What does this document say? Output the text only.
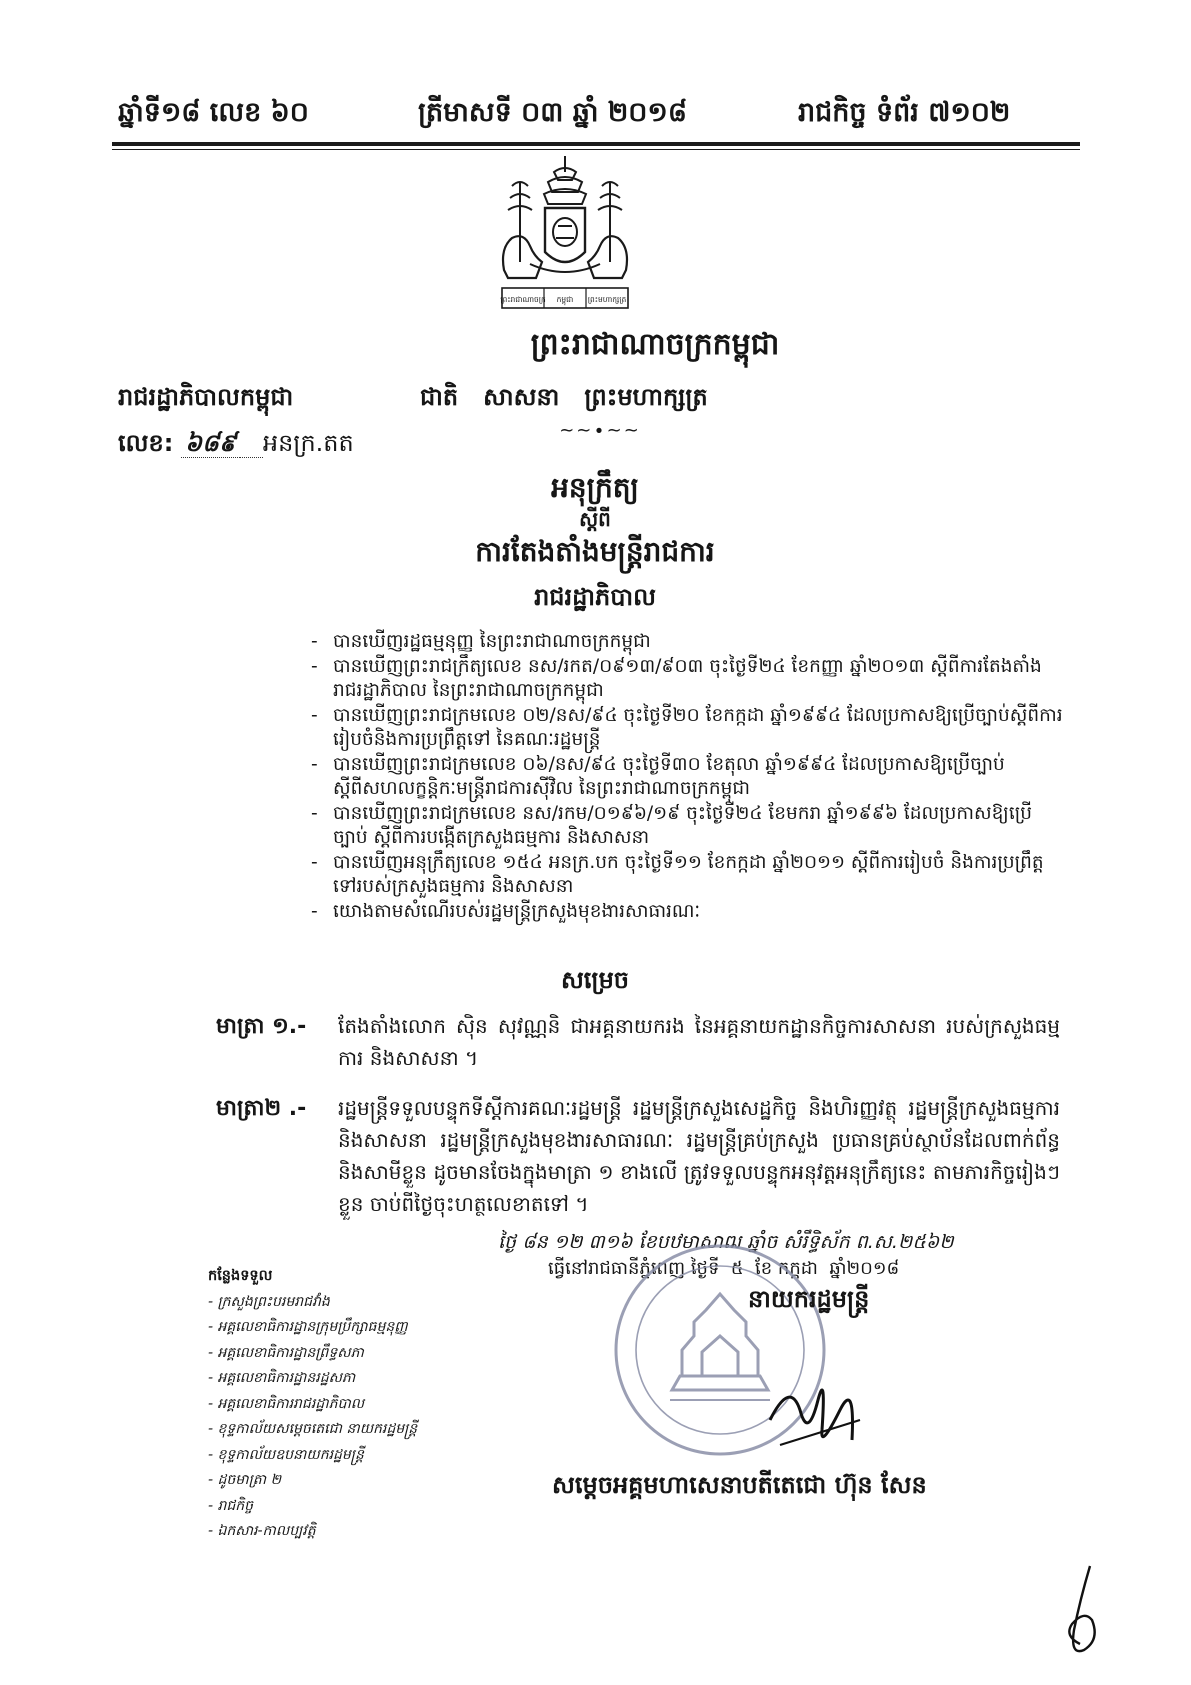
ឆ្នាំទី១៨ លេខ ៦០	ត្រីមាសទី ០៣ ឆ្នាំ ២០១៨	រាជកិច្ច ទំព័រ ៧១០២
ព្រះរាជាណាចក្រ កម្ពុជា ព្រះមហាក្សត្រ
ព្រះរាជាណាចក្រកម្ពុជា
រាជរដ្ឋាភិបាលកម្ពុជា	ជាតិ   សាសនា   ព្រះមហាក្សត្រ
~~∙~~
លេខ: ៦៨៩ អនក្រ.តត
អនុក្រឹត្យ
ស្តីពី
ការតែងតាំងមន្ត្រីរាជការ
រាជរដ្ឋាភិបាល
- បានឃើញរដ្ឋធម្មនុញ្ញ នៃព្រះរាជាណាចក្រកម្ពុជា
- បានឃើញព្រះរាជក្រឹត្យលេខ នស/រកត/០៩១៣/៩០៣ ចុះថ្ងៃទី២៤ ខែកញ្ញា ឆ្នាំ២០១៣ ស្តីពីការតែងតាំងរាជរដ្ឋាភិបាល នៃព្រះរាជាណាចក្រកម្ពុជា
- បានឃើញព្រះរាជក្រមលេខ ០២/នស/៩៤ ចុះថ្ងៃទី២០ ខែកក្កដា ឆ្នាំ១៩៩៤ ដែលប្រកាសឱ្យប្រើច្បាប់ស្តីពីការរៀបចំនិងការប្រព្រឹត្តទៅ នៃគណៈរដ្ឋមន្ត្រី
- បានឃើញព្រះរាជក្រមលេខ ០៦/នស/៩៤ ចុះថ្ងៃទី៣០ ខែតុលា ឆ្នាំ១៩៩៤ ដែលប្រកាសឱ្យប្រើច្បាប់ស្តីពីសហលក្ខន្តិកៈមន្ត្រីរាជការស៊ីវិល នៃព្រះរាជាណាចក្រកម្ពុជា
- បានឃើញព្រះរាជក្រមលេខ នស/រកម/០១៩៦/១៩ ចុះថ្ងៃទី២៤ ខែមករា ឆ្នាំ១៩៩៦ ដែលប្រកាសឱ្យប្រើច្បាប់ ស្តីពីការបង្កើតក្រសួងធម្មការ និងសាសនា
- បានឃើញអនុក្រឹត្យលេខ ១៥៤ អនក្រ.បក ចុះថ្ងៃទី១១ ខែកក្កដា ឆ្នាំ២០១១ ស្តីពីការរៀបចំ និងការប្រព្រឹត្តទៅរបស់ក្រសួងធម្មការ និងសាសនា
- យោងតាមសំណើរបស់រដ្ឋមន្ត្រីក្រសួងមុខងារសាធារណៈ
សម្រេច
មាត្រា ១.- តែងតាំងលោក ស៊ិន សុវណ្ណនិ ជាអគ្គនាយករង នៃអគ្គនាយកដ្ឋានកិច្ចការសាសនា របស់ក្រសួងធម្មការ និងសាសនា ។
មាត្រា២ .- រដ្ឋមន្ត្រីទទួលបន្ទុកទីស្តីការគណៈរដ្ឋមន្ត្រី រដ្ឋមន្ត្រីក្រសួងសេដ្ឋកិច្ច និងហិរញ្ញវត្ថុ រដ្ឋមន្ត្រីក្រសួងធម្មការ និងសាសនា រដ្ឋមន្ត្រីក្រសួងមុខងារសាធារណៈ រដ្ឋមន្ត្រីគ្រប់ក្រសួង ប្រធានគ្រប់ស្ថាប័នដែលពាក់ព័ន្ធ និងសាមីខ្លួន ដូចមានចែងក្នុងមាត្រា ១ ខាងលើ ត្រូវទទួលបន្ទុកអនុវត្តអនុក្រឹត្យនេះ តាមភារកិច្ចរៀងៗខ្លួន ចាប់ពីថ្ងៃចុះហត្ថលេខាតទៅ ។
ថ្ងៃ ៨ន ១២ ៣១៦ ខែបឋមាសាឍ ឆ្នាំច សំរឹទ្ធិស័ក ព.ស.២៥៦២
ធ្វើនៅរាជធានីភ្នំពេញ ថ្ងៃទី  ៥  ខែ កក្កដា  ឆ្នាំ២០១៨
នាយករដ្ឋមន្ត្រី
សម្តេចអគ្គមហាសេនាបតីតេជោ ហ៊ុន សែន
កន្លែងទទួល
- ក្រសួងព្រះបរមរាជវាំង
- អគ្គលេខាធិការដ្ឋានក្រុមប្រឹក្សាធម្មនុញ្ញ
- អគ្គលេខាធិការដ្ឋានព្រឹទ្ធសភា
- អគ្គលេខាធិការដ្ឋានរដ្ឋសភា
- អគ្គលេខាធិការរាជរដ្ឋាភិបាល
- ខុទ្ទកាល័យសម្តេចតេជោ នាយករដ្ឋមន្ត្រី
- ខុទ្ទកាល័យឧបនាយករដ្ឋមន្ត្រី
- ដូចមាត្រា ២
- រាជកិច្ច
- ឯកសារ-កាលប្បវត្តិ
